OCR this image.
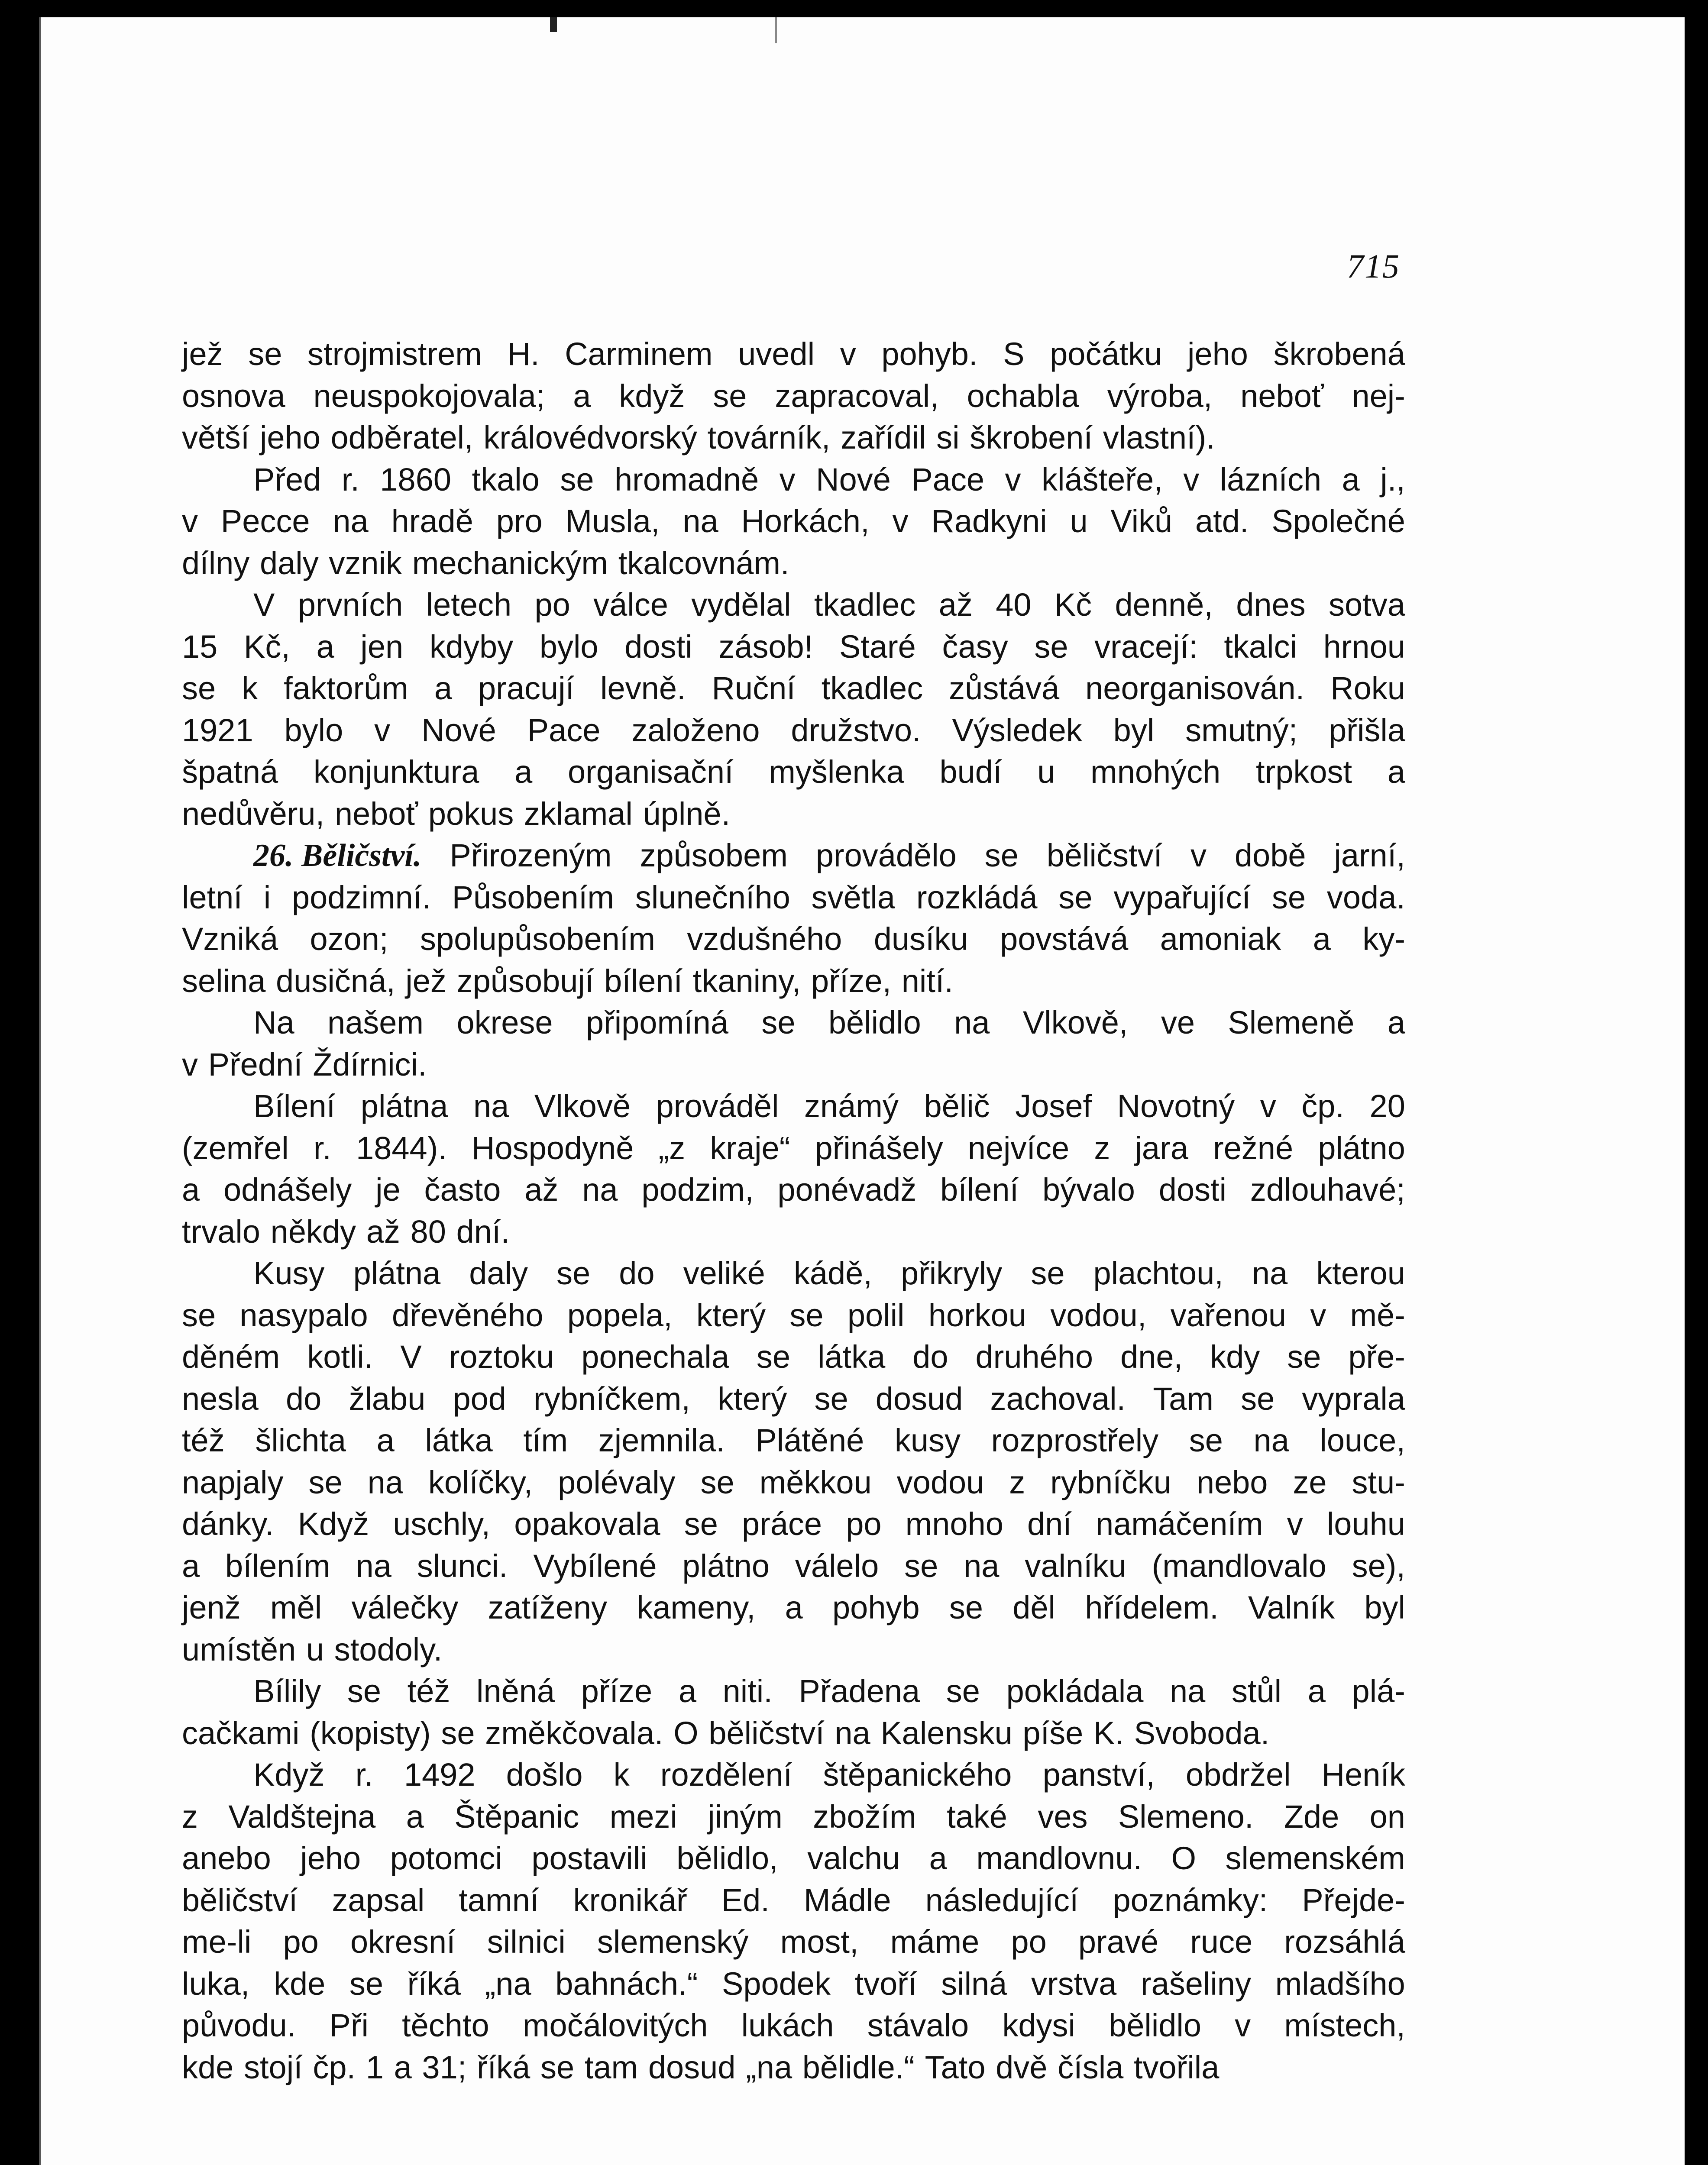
715
jež se strojmistrem H. Carminem uvedl v pohyb. S počátku jeho škrobená
osnova neuspokojovala; a když se zapracoval, ochabla výroba, neboť nej-
větší jeho odběratel, královédvorský továrník, zařídil si škrobení vlastní).
Před r. 1860 tkalo se hromadně v Nové Pace v klášteře, v lázních a j.,
v Pecce na hradě pro Musla, na Horkách, v Radkyni u Viků atd. Společné
dílny daly vznik mechanickým tkalcovnám.
V prvních letech po válce vydělal tkadlec až 40 Kč denně, dnes sotva
15 Kč, a jen kdyby bylo dosti zásob! Staré časy se vracejí: tkalci hrnou
se k faktorům a pracují levně. Ruční tkadlec zůstává neorganisován. Roku
1921 bylo v Nové Pace založeno družstvo. Výsledek byl smutný; přišla
špatná konjunktura a organisační myšlenka budí u mnohých trpkost a
nedůvěru, neboť pokus zklamal úplně.
26. Běličství. Přirozeným způsobem provádělo se běličství v době jarní,
letní i podzimní. Působením slunečního světla rozkládá se vypařující se voda.
Vzniká ozon; spolupůsobením vzdušného dusíku povstává amoniak a ky-
selina dusičná, jež způsobují bílení tkaniny, příze, nití.
Na našem okrese připomíná se bělidlo na Vlkově, ve Slemeně a
v Přední Ždírnici.
Bílení plátna na Vlkově prováděl známý bělič Josef Novotný v čp. 20
(zemřel r. 1844). Hospodyně „z kraje“ přinášely nejvíce z jara režné plátno
a odnášely je často až na podzim, ponévadž bílení bývalo dosti zdlouhavé;
trvalo někdy až 80 dní.
Kusy plátna daly se do veliké kádě, přikryly se plachtou, na kterou
se nasypalo dřevěného popela, který se polil horkou vodou, vařenou v mě-
děném kotli. V roztoku ponechala se látka do druhého dne, kdy se pře-
nesla do žlabu pod rybníčkem, který se dosud zachoval. Tam se vyprala
též šlichta a látka tím zjemnila. Plátěné kusy rozprostřely se na louce,
napjaly se na kolíčky, polévaly se měkkou vodou z rybníčku nebo ze stu-
dánky. Když uschly, opakovala se práce po mnoho dní namáčením v louhu
a bílením na slunci. Vybílené plátno válelo se na valníku (mandlovalo se),
jenž měl válečky zatíženy kameny, a pohyb se děl hřídelem. Valník byl
umístěn u stodoly.
Bílily se též lněná příze a niti. Přadena se pokládala na stůl a plá-
cačkami (kopisty) se změkčovala. O běličství na Kalensku píše K. Svoboda.
Když r. 1492 došlo k rozdělení štěpanického panství, obdržel Heník
z Valdštejna a Štěpanic mezi jiným zbožím také ves Slemeno. Zde on
anebo jeho potomci postavili bělidlo, valchu a mandlovnu. O slemenském
běličství zapsal tamní kronikář Ed. Mádle následující poznámky: Přejde-
me-li po okresní silnici slemenský most, máme po pravé ruce rozsáhlá
luka, kde se říká „na bahnách.“ Spodek tvoří silná vrstva rašeliny mladšího
původu. Při těchto močálovitých lukách stávalo kdysi bělidlo v místech,
kde stojí čp. 1 a 31; říká se tam dosud „na bělidle.“ Tato dvě čísla tvořila
